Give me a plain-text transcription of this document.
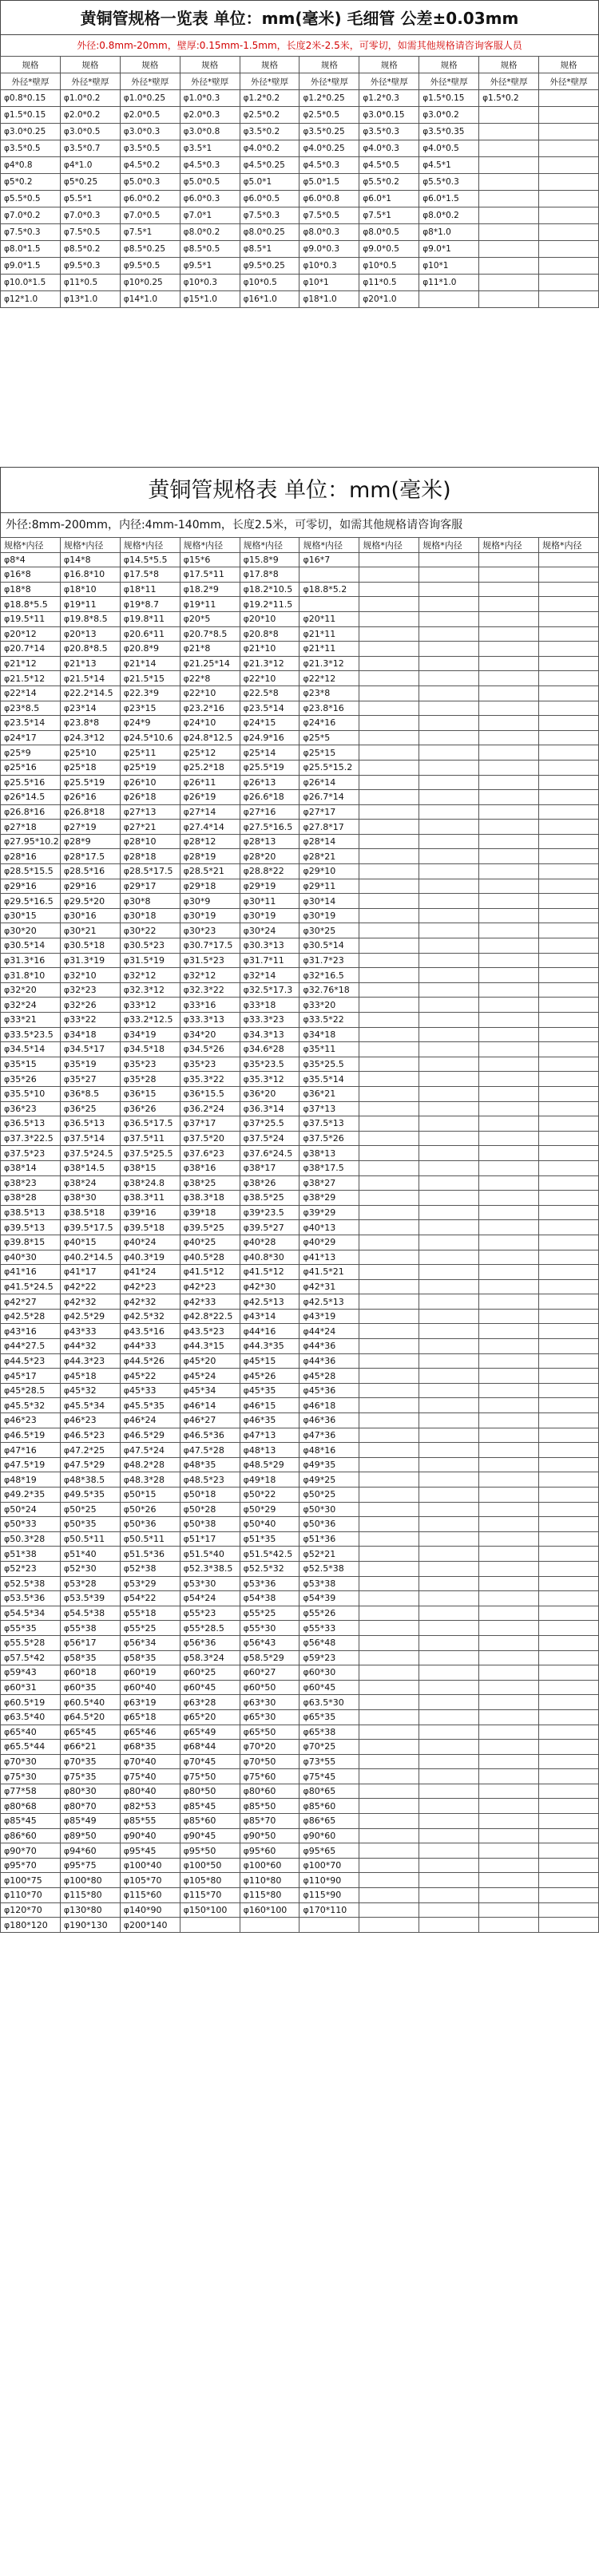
黄铜管规格一览表 单位：mm(毫米) 毛细管 公差±0.03mm
外径:0.8mm-20mm，壁厚:0.15mm-1.5mm，长度2米-2.5米，可零切，如需其他规格请咨询客服人员
规格	规格	规格	规格	规格	规格	规格	规格	规格	规格
外径*壁厚	外径*壁厚	外径*壁厚	外径*壁厚	外径*壁厚	外径*壁厚	外径*壁厚	外径*壁厚	外径*壁厚	外径*壁厚
φ0.8*0.15	φ1.0*0.2	φ1.0*0.25	φ1.0*0.3	φ1.2*0.2	φ1.2*0.25	φ1.2*0.3	φ1.5*0.15	φ1.5*0.2	
φ1.5*0.15	φ2.0*0.2	φ2.0*0.5	φ2.0*0.3	φ2.5*0.2	φ2.5*0.5	φ3.0*0.15	φ3.0*0.2		
φ3.0*0.25	φ3.0*0.5	φ3.0*0.3	φ3.0*0.8	φ3.5*0.2	φ3.5*0.25	φ3.5*0.3	φ3.5*0.35		
φ3.5*0.5	φ3.5*0.7	φ3.5*0.5	φ3.5*1	φ4.0*0.2	φ4.0*0.25	φ4.0*0.3	φ4.0*0.5		
φ4*0.8	φ4*1.0	φ4.5*0.2	φ4.5*0.3	φ4.5*0.25	φ4.5*0.3	φ4.5*0.5	φ4.5*1		
φ5*0.2	φ5*0.25	φ5.0*0.3	φ5.0*0.5	φ5.0*1	φ5.0*1.5	φ5.5*0.2	φ5.5*0.3		
φ5.5*0.5	φ5.5*1	φ6.0*0.2	φ6.0*0.3	φ6.0*0.5	φ6.0*0.8	φ6.0*1	φ6.0*1.5		
φ7.0*0.2	φ7.0*0.3	φ7.0*0.5	φ7.0*1	φ7.5*0.3	φ7.5*0.5	φ7.5*1	φ8.0*0.2		
φ7.5*0.3	φ7.5*0.5	φ7.5*1	φ8.0*0.2	φ8.0*0.25	φ8.0*0.3	φ8.0*0.5	φ8*1.0		
φ8.0*1.5	φ8.5*0.2	φ8.5*0.25	φ8.5*0.5	φ8.5*1	φ9.0*0.3	φ9.0*0.5	φ9.0*1		
φ9.0*1.5	φ9.5*0.3	φ9.5*0.5	φ9.5*1	φ9.5*0.25	φ10*0.3	φ10*0.5	φ10*1		
φ10.0*1.5	φ11*0.5	φ10*0.25	φ10*0.3	φ10*0.5	φ10*1	φ11*0.5	φ11*1.0		
φ12*1.0	φ13*1.0	φ14*1.0	φ15*1.0	φ16*1.0	φ18*1.0	φ20*1.0			
黄铜管规格表 单位：mm(毫米)
外径:8mm-200mm，内径:4mm-140mm，长度2.5米，可零切，如需其他规格请咨询客服
规格*内径	规格*内径	规格*内径	规格*内径	规格*内径	规格*内径	规格*内径	规格*内径	规格*内径	规格*内径
φ8*4	φ14*8	φ14.5*5.5	φ15*6	φ15.8*9	φ16*7				
φ16*8	φ16.8*10	φ17.5*8	φ17.5*11	φ17.8*8					
φ18*8	φ18*10	φ18*11	φ18.2*9	φ18.2*10.5	φ18.8*5.2				
φ18.8*5.5	φ19*11	φ19*8.7	φ19*11	φ19.2*11.5					
φ19.5*11	φ19.8*8.5	φ19.8*11	φ20*5	φ20*10	φ20*11				
φ20*12	φ20*13	φ20.6*11	φ20.7*8.5	φ20.8*8	φ21*11				
φ20.7*14	φ20.8*8.5	φ20.8*9	φ21*8	φ21*10	φ21*11				
φ21*12	φ21*13	φ21*14	φ21.25*14	φ21.3*12	φ21.3*12				
φ21.5*12	φ21.5*14	φ21.5*15	φ22*8	φ22*10	φ22*12				
φ22*14	φ22.2*14.5	φ22.3*9	φ22*10	φ22.5*8	φ23*8				
φ23*8.5	φ23*14	φ23*15	φ23.2*16	φ23.5*14	φ23.8*16				
φ23.5*14	φ23.8*8	φ24*9	φ24*10	φ24*15	φ24*16				
φ24*17	φ24.3*12	φ24.5*10.6	φ24.8*12.5	φ24.9*16	φ25*5				
φ25*9	φ25*10	φ25*11	φ25*12	φ25*14	φ25*15				
φ25*16	φ25*18	φ25*19	φ25.2*18	φ25.5*19	φ25.5*15.2				
φ25.5*16	φ25.5*19	φ26*10	φ26*11	φ26*13	φ26*14				
φ26*14.5	φ26*16	φ26*18	φ26*19	φ26.6*18	φ26.7*14				
φ26.8*16	φ26.8*18	φ27*13	φ27*14	φ27*16	φ27*17				
φ27*18	φ27*19	φ27*21	φ27.4*14	φ27.5*16.5	φ27.8*17				
φ27.95*10.2	φ28*9	φ28*10	φ28*12	φ28*13	φ28*14				
φ28*16	φ28*17.5	φ28*18	φ28*19	φ28*20	φ28*21				
φ28.5*15.5	φ28.5*16	φ28.5*17.5	φ28.5*21	φ28.8*22	φ29*10				
φ29*16	φ29*16	φ29*17	φ29*18	φ29*19	φ29*11				
φ29.5*16.5	φ29.5*20	φ30*8	φ30*9	φ30*11	φ30*14				
φ30*15	φ30*16	φ30*18	φ30*19	φ30*19	φ30*19				
φ30*20	φ30*21	φ30*22	φ30*23	φ30*24	φ30*25				
φ30.5*14	φ30.5*18	φ30.5*23	φ30.7*17.5	φ30.3*13	φ30.5*14				
φ31.3*16	φ31.3*19	φ31.5*19	φ31.5*23	φ31.7*11	φ31.7*23				
φ31.8*10	φ32*10	φ32*12	φ32*12	φ32*14	φ32*16.5				
φ32*20	φ32*23	φ32.3*12	φ32.3*22	φ32.5*17.3	φ32.76*18				
φ32*24	φ32*26	φ33*12	φ33*16	φ33*18	φ33*20				
φ33*21	φ33*22	φ33.2*12.5	φ33.3*13	φ33.3*23	φ33.5*22				
φ33.5*23.5	φ34*18	φ34*19	φ34*20	φ34.3*13	φ34*18				
φ34.5*14	φ34.5*17	φ34.5*18	φ34.5*26	φ34.6*28	φ35*11				
φ35*15	φ35*19	φ35*23	φ35*23	φ35*23.5	φ35*25.5				
φ35*26	φ35*27	φ35*28	φ35.3*22	φ35.3*12	φ35.5*14				
φ35.5*10	φ36*8.5	φ36*15	φ36*15.5	φ36*20	φ36*21				
φ36*23	φ36*25	φ36*26	φ36.2*24	φ36.3*14	φ37*13				
φ36.5*13	φ36.5*13	φ36.5*17.5	φ37*17	φ37*25.5	φ37.5*13				
φ37.3*22.5	φ37.5*14	φ37.5*11	φ37.5*20	φ37.5*24	φ37.5*26				
φ37.5*23	φ37.5*24.5	φ37.5*25.5	φ37.6*23	φ37.6*24.5	φ38*13				
φ38*14	φ38*14.5	φ38*15	φ38*16	φ38*17	φ38*17.5				
φ38*23	φ38*24	φ38*24.8	φ38*25	φ38*26	φ38*27				
φ38*28	φ38*30	φ38.3*11	φ38.3*18	φ38.5*25	φ38*29				
φ38.5*13	φ38.5*18	φ39*16	φ39*18	φ39*23.5	φ39*29				
φ39.5*13	φ39.5*17.5	φ39.5*18	φ39.5*25	φ39.5*27	φ40*13				
φ39.8*15	φ40*15	φ40*24	φ40*25	φ40*28	φ40*29				
φ40*30	φ40.2*14.5	φ40.3*19	φ40.5*28	φ40.8*30	φ41*13				
φ41*16	φ41*17	φ41*24	φ41.5*12	φ41.5*12	φ41.5*21				
φ41.5*24.5	φ42*22	φ42*23	φ42*23	φ42*30	φ42*31				
φ42*27	φ42*32	φ42*32	φ42*33	φ42.5*13	φ42.5*13				
φ42.5*28	φ42.5*29	φ42.5*32	φ42.8*22.5	φ43*14	φ43*19				
φ43*16	φ43*33	φ43.5*16	φ43.5*23	φ44*16	φ44*24				
φ44*27.5	φ44*32	φ44*33	φ44.3*15	φ44.3*35	φ44*36				
φ44.5*23	φ44.3*23	φ44.5*26	φ45*20	φ45*15	φ44*36				
φ45*17	φ45*18	φ45*22	φ45*24	φ45*26	φ45*28				
φ45*28.5	φ45*32	φ45*33	φ45*34	φ45*35	φ45*36				
φ45.5*32	φ45.5*34	φ45.5*35	φ46*14	φ46*15	φ46*18				
φ46*23	φ46*23	φ46*24	φ46*27	φ46*35	φ46*36				
φ46.5*19	φ46.5*23	φ46.5*29	φ46.5*36	φ47*13	φ47*36				
φ47*16	φ47.2*25	φ47.5*24	φ47.5*28	φ48*13	φ48*16				
φ47.5*19	φ47.5*29	φ48.2*28	φ48*35	φ48.5*29	φ49*35				
φ48*19	φ48*38.5	φ48.3*28	φ48.5*23	φ49*18	φ49*25				
φ49.2*35	φ49.5*35	φ50*15	φ50*18	φ50*22	φ50*25				
φ50*24	φ50*25	φ50*26	φ50*28	φ50*29	φ50*30				
φ50*33	φ50*35	φ50*36	φ50*38	φ50*40	φ50*36				
φ50.3*28	φ50.5*11	φ50.5*11	φ51*17	φ51*35	φ51*36				
φ51*38	φ51*40	φ51.5*36	φ51.5*40	φ51.5*42.5	φ52*21				
φ52*23	φ52*30	φ52*38	φ52.3*38.5	φ52.5*32	φ52.5*38				
φ52.5*38	φ53*28	φ53*29	φ53*30	φ53*36	φ53*38				
φ53.5*36	φ53.5*39	φ54*22	φ54*24	φ54*38	φ54*39				
φ54.5*34	φ54.5*38	φ55*18	φ55*23	φ55*25	φ55*26				
φ55*35	φ55*38	φ55*25	φ55*28.5	φ55*30	φ55*33				
φ55.5*28	φ56*17	φ56*34	φ56*36	φ56*43	φ56*48				
φ57.5*42	φ58*35	φ58*35	φ58.3*24	φ58.5*29	φ59*23				
φ59*43	φ60*18	φ60*19	φ60*25	φ60*27	φ60*30				
φ60*31	φ60*35	φ60*40	φ60*45	φ60*50	φ60*45				
φ60.5*19	φ60.5*40	φ63*19	φ63*28	φ63*30	φ63.5*30				
φ63.5*40	φ64.5*20	φ65*18	φ65*20	φ65*30	φ65*35				
φ65*40	φ65*45	φ65*46	φ65*49	φ65*50	φ65*38				
φ65.5*44	φ66*21	φ68*35	φ68*44	φ70*20	φ70*25				
φ70*30	φ70*35	φ70*40	φ70*45	φ70*50	φ73*55				
φ75*30	φ75*35	φ75*40	φ75*50	φ75*60	φ75*45				
φ77*58	φ80*30	φ80*40	φ80*50	φ80*60	φ80*65				
φ80*68	φ80*70	φ82*53	φ85*45	φ85*50	φ85*60				
φ85*45	φ85*49	φ85*55	φ85*60	φ85*70	φ86*65				
φ86*60	φ89*50	φ90*40	φ90*45	φ90*50	φ90*60				
φ90*70	φ94*60	φ95*45	φ95*50	φ95*60	φ95*65				
φ95*70	φ95*75	φ100*40	φ100*50	φ100*60	φ100*70				
φ100*75	φ100*80	φ105*70	φ105*80	φ110*80	φ110*90				
φ110*70	φ115*80	φ115*60	φ115*70	φ115*80	φ115*90				
φ120*70	φ130*80	φ140*90	φ150*100	φ160*100	φ170*110				
φ180*120	φ190*130	φ200*140							
